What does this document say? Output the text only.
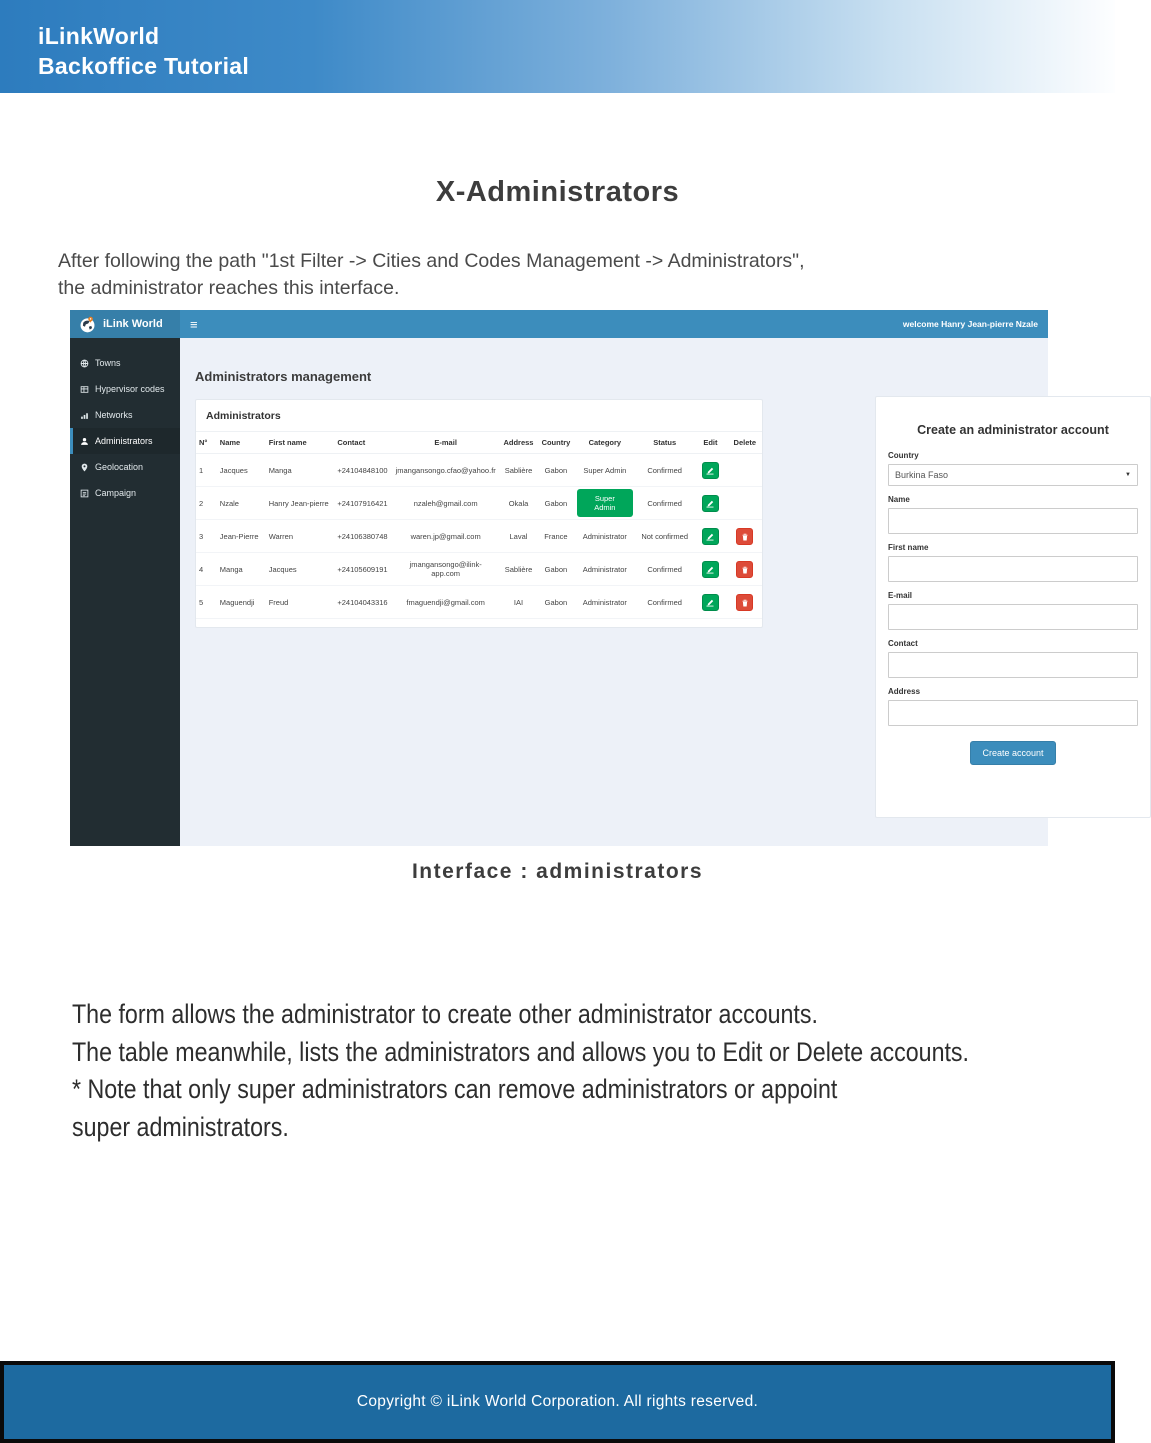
iLinkWorld
Backoffice Tutorial
X-Administrators
After following the path "1st Filter -> Cities and Codes Management -> Administrators",
the administrator reaches this interface.
iLink World ≡	welcome Hanry Jean-pierre Nzale
Towns
Hypervisor codes
Networks
Administrators
Geolocation
Campaign
Administrators management
Administrators
N°	Name	First name	Contact	E-mail	Address	Country	Category	Status	Edit	Delete
1	Jacques	Manga	+24104848100	jmangansongo.cfao@yahoo.fr	Sablière	Gabon	Super Admin	Confirmed	

2	Nzale	Hanry Jean-pierre	+24107916421	nzaleh@gmail.com	Okala	Gabon	Super Admin	Confirmed	

3	Jean-Pierre	Warren	+24106380748	waren.jp@gmail.com	Laval	France	Administrator	Not confirmed	

4	Manga	Jacques	+24105609191	jmangansongo@ilink-app.com	Sablière	Gabon	Administrator	Confirmed	

5	Maguendji	Freud	+24104043316	fmaguendji@gmail.com	IAI	Gabon	Administrator	Confirmed	

Create an administrator account
Country
Burkina Faso	▼
Name
First name
E-mail
Contact
Address
Create account
Interface : administrators
The form allows the administrator to create other administrator accounts.
The table meanwhile, lists the administrators and allows you to Edit or Delete accounts.
* Note that only super administrators can remove administrators or appoint
super administrators.
Copyright © iLink World Corporation. All rights reserved.
